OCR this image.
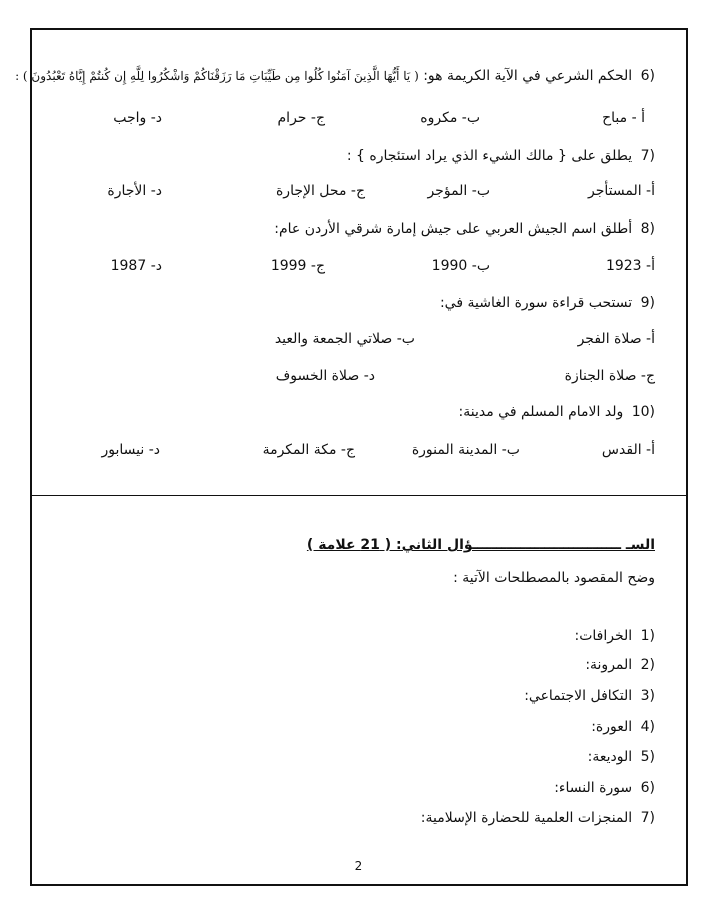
6) الحكم الشرعي في الآية الكريمة هو: ( يَا أَيُّهَا الَّذِينَ آمَنُوا كُلُوا مِن طَيِّبَاتِ مَا رَزَقْنَاكُمْ وَاشْكُرُوا لِلَّهِ إِن كُنتُمْ إِيَّاهُ تَعْبُدُونَ ) :
أ - مباح
ب- مكروه
ج- حرام
د- واجب
7) يطلق على { مالك الشيء الذي يراد استئجاره } :
أ- المستأجر
ب- المؤجر
ج- محل الإجارة
د- الأجارة
8) أطلق اسم الجيش العربي على جيش إمارة شرقي الأردن عام:
أ- 1923
ب- 1990
ج- 1999
د- 1987
9) تستحب قراءة سورة الغاشية في:
أ- صلاة الفجر
ب- صلاتي الجمعة والعيد
ج- صلاة الجنازة
د- صلاة الخسوف
10) ولد الامام المسلم في مدينة:
أ- القدس
ب- المدينة المنورة
ج- مكة المكرمة
د- نيسابور
السـ ـــــــــــــــــــــــــــــــؤال الثاني: ( 21 علامة )
وضح المقصود بالمصطلحات الآتية :
1) الخرافات:
2) المرونة:
3) التكافل الاجتماعي:
4) العورة:
5) الوديعة:
6) سورة النساء:
7) المنجزات العلمية للحضارة الإسلامية:
2
